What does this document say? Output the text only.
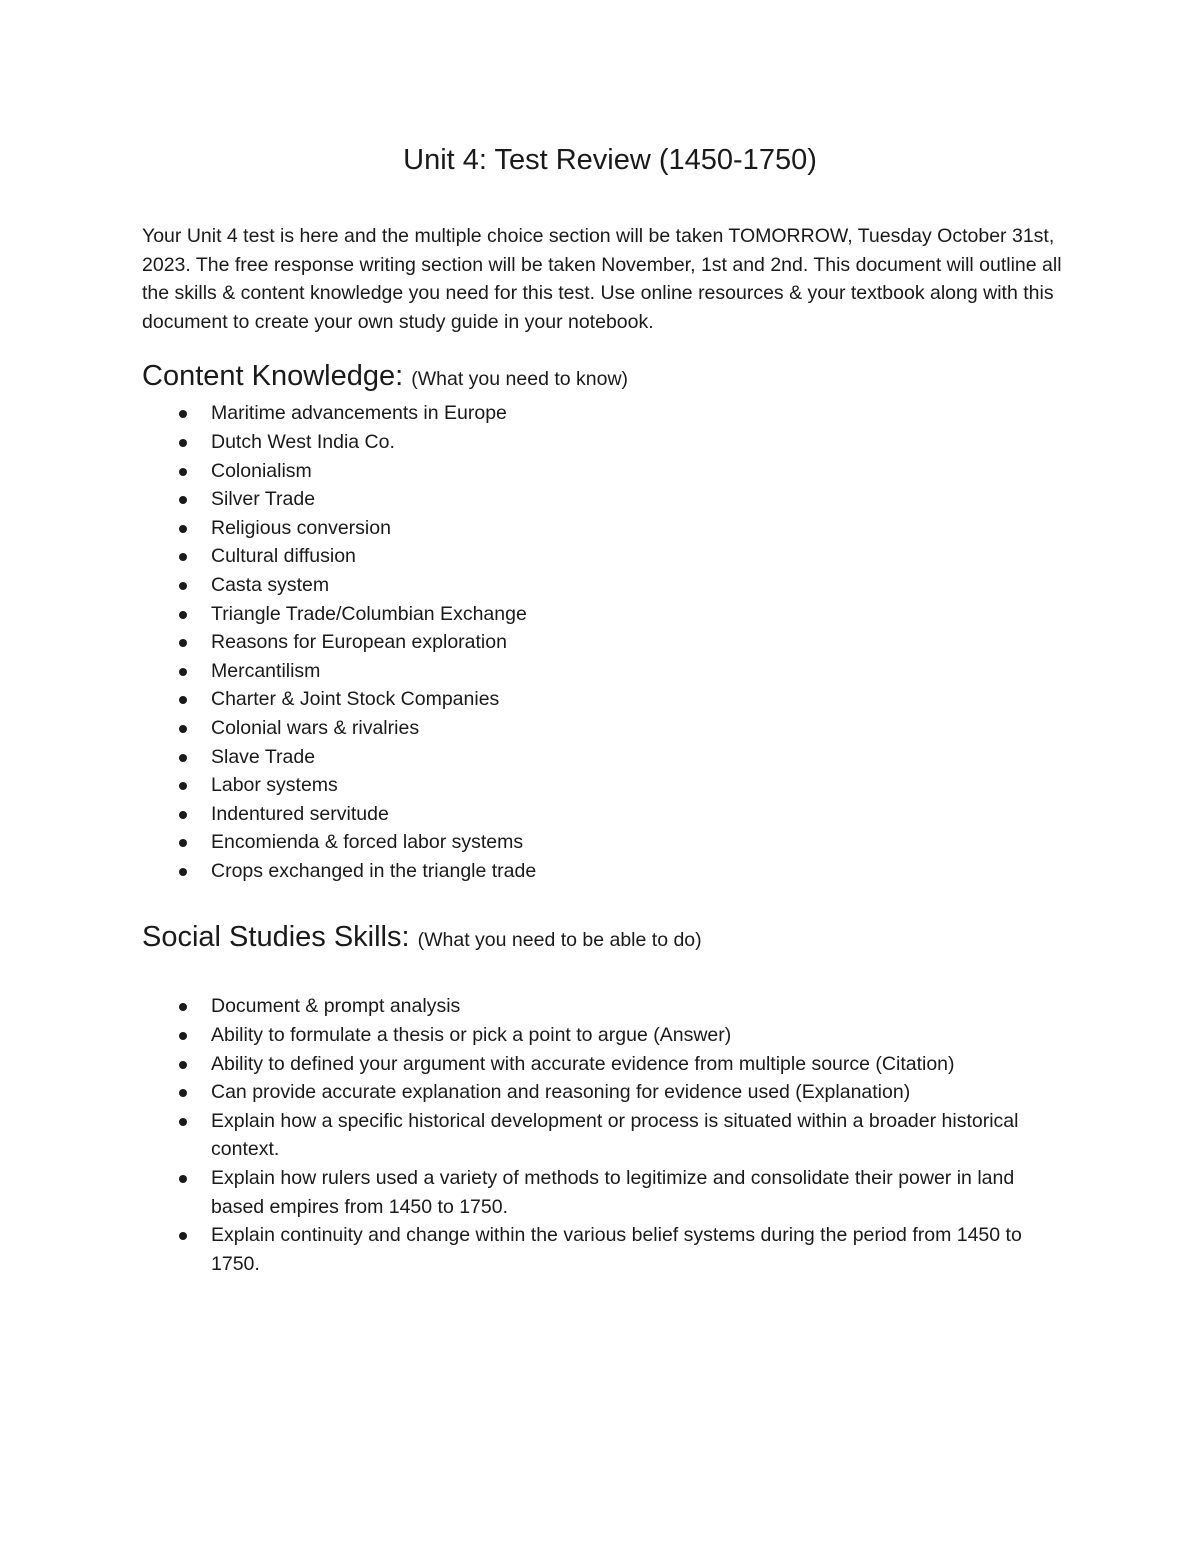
Unit 4: Test Review (1450-1750)

Your Unit 4 test is here and the multiple choice section will be taken TOMORROW, Tuesday October 31st, 2023. The free response writing section will be taken November, 1st and 2nd. This document will outline all the skills & content knowledge you need for this test. Use online resources & your textbook along with this document to create your own study guide in your notebook.

Content Knowledge: (What you need to know)
Maritime advancements in Europe
Dutch West India Co.
Colonialism
Silver Trade
Religious conversion
Cultural diffusion
Casta system
Triangle Trade/Columbian Exchange
Reasons for European exploration
Mercantilism
Charter & Joint Stock Companies
Colonial wars & rivalries
Slave Trade
Labor systems
Indentured servitude
Encomienda & forced labor systems
Crops exchanged in the triangle trade
Social Studies Skills: (What you need to be able to do)
Document & prompt analysis
Ability to formulate a thesis or pick a point to argue (Answer)
Ability to defined your argument with accurate evidence from multiple source (Citation)
Can provide accurate explanation and reasoning for evidence used (Explanation)
Explain how a specific historical development or process is situated within a broader historical context.
Explain how rulers used a variety of methods to legitimize and consolidate their power in land based empires from 1450 to 1750.
Explain continuity and change within the various belief systems during the period from 1450 to 1750.
